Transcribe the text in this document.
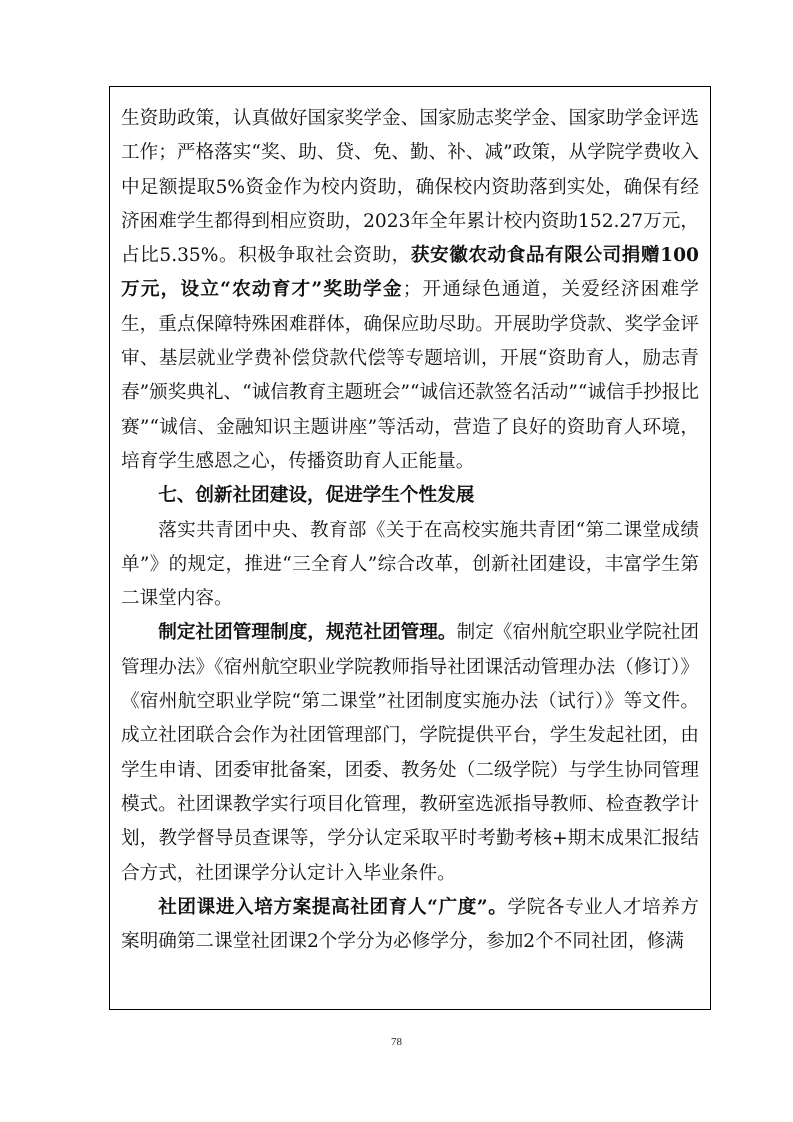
生资助政策，认真做好国家奖学金、国家励志奖学金、国家助学金评选工作；严格落实“奖、助、贷、免、勤、补、减”政策，从学院学费收入中足额提取5%资金作为校内资助，确保校内资助落到实处，确保有经济困难学生都得到相应资助，2023年全年累计校内资助152.27万元，占比5.35%。积极争取社会资助，获安徽农动食品有限公司捐赠100万元，设立“农动育才”奖助学金；开通绿色通道，关爱经济困难学生，重点保障特殊困难群体，确保应助尽助。开展助学贷款、奖学金评审、基层就业学费补偿贷款代偿等专题培训，开展“资助育人，励志青春”颁奖典礼、“诚信教育主题班会”“诚信还款签名活动”“诚信手抄报比赛”“诚信、金融知识主题讲座”等活动，营造了良好的资助育人环境，培育学生感恩之心，传播资助育人正能量。

七、创新社团建设，促进学生个性发展

落实共青团中央、教育部《关于在高校实施共青团“第二课堂成绩单”》的规定，推进“三全育人”综合改革，创新社团建设，丰富学生第二课堂内容。

制定社团管理制度，规范社团管理。制定《宿州航空职业学院社团管理办法》《宿州航空职业学院教师指导社团课活动管理办法（修订）》《宿州航空职业学院“第二课堂”社团制度实施办法（试行）》等文件。成立社团联合会作为社团管理部门，学院提供平台，学生发起社团，由学生申请、团委审批备案，团委、教务处（二级学院）与学生协同管理模式。社团课教学实行项目化管理，教研室选派指导教师、检查教学计划，教学督导员查课等，学分认定采取平时考勤考核+期末成果汇报结合方式，社团课学分认定计入毕业条件。

社团课进入培方案提高社团育人“广度”。学院各专业人才培养方案明确第二课堂社团课2个学分为必修学分，参加2个不同社团，修满

78
